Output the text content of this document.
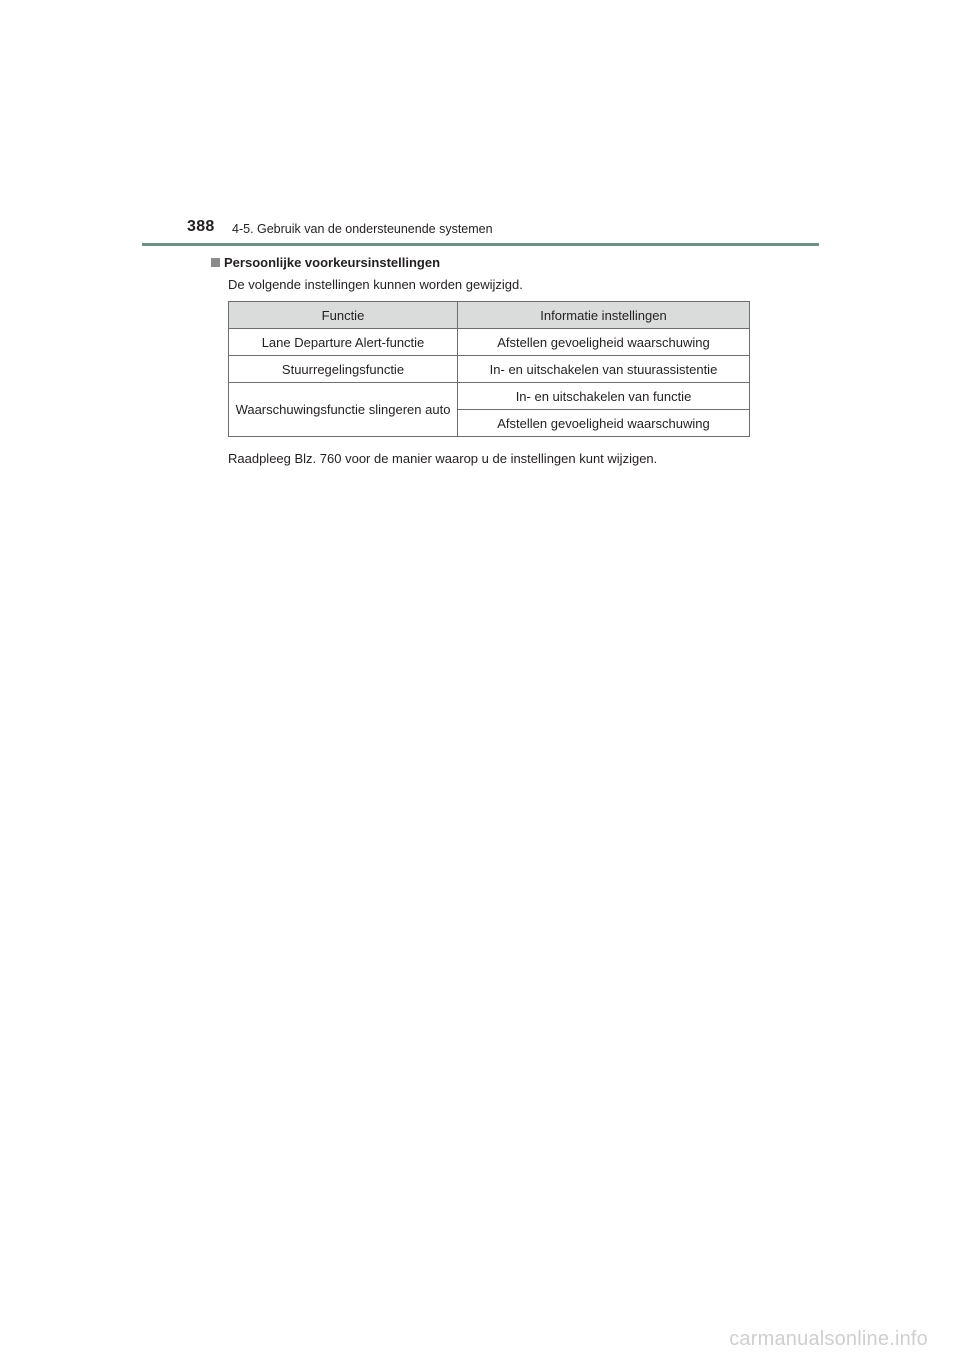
388 4-5. Gebruik van de ondersteunende systemen
Persoonlijke voorkeursinstellingen
De volgende instellingen kunnen worden gewijzigd.
Functie	Informatie instellingen
Lane Departure Alert-functie	Afstellen gevoeligheid waarschuwing
Stuurregelingsfunctie	In- en uitschakelen van stuurassistentie
Waarschuwingsfunctie slingeren auto	In- en uitschakelen van functie
	Afstellen gevoeligheid waarschuwing
Raadpleeg Blz. 760 voor de manier waarop u de instellingen kunt wijzigen.
carmanualsonline.info
